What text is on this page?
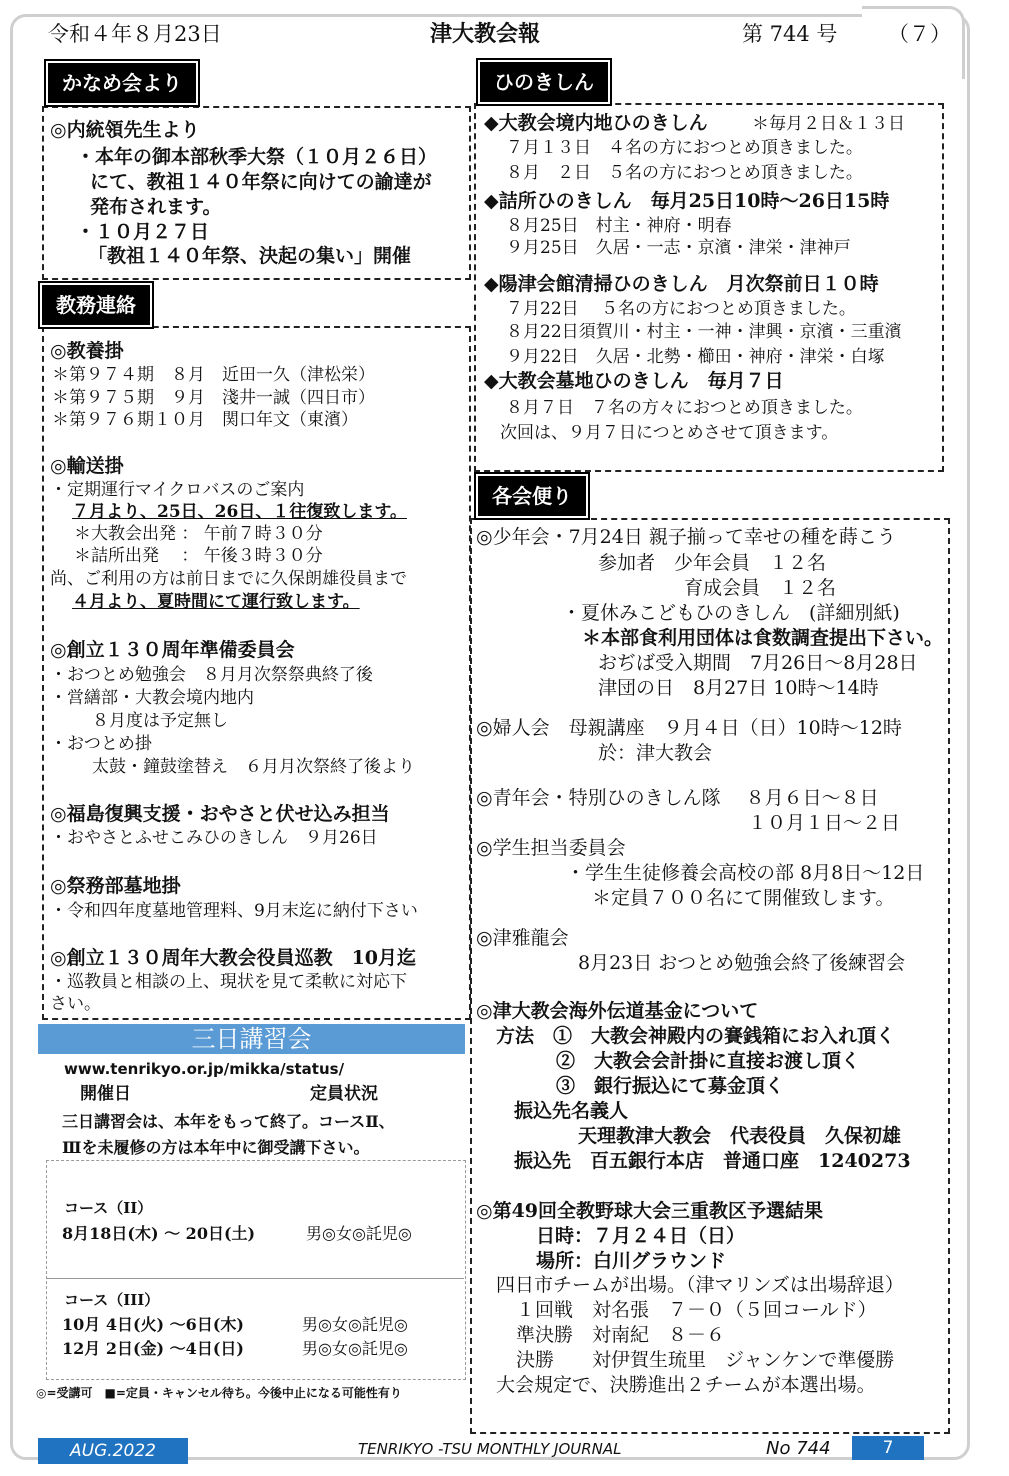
令和４年８月23日	津大教会報	第 744 号 （７）
かなめ会より
◎内統領先生より
・本年の御本部秋季大祭（１０月２６日）
にて、教祖１４０年祭に向けての諭達が
発布されます。
・１０月２７日
「教祖１４０年祭、決起の集い」開催
教務連絡
◎教養掛
＊第９７４期　８月　近田一久（津松栄）
＊第９７５期　９月　淺井一誠（四日市）
＊第９７６期１０月　関口年文（東濱）
◎輸送掛
・定期運行マイクロバスのご案内
７月より、25日、26日、１往復致します。
＊大教会出発 ： 午前７時３０分
＊詰所出発　 ： 午後３時３０分
尚、ご利用の方は前日までに久保朗雄役員まで
４月より、夏時間にて運行致します。
◎創立１３０周年準備委員会
・おつとめ勉強会　８月月次祭祭典終了後
・営繕部・大教会境内地内
８月度は予定無し
・おつとめ掛
太鼓・鐘鼓塗替え　６月月次祭終了後より
◎福島復興支援・おやさと伏せ込み担当
・おやさとふせこみひのきしん　９月26日
◎祭務部墓地掛
・令和四年度墓地管理料、9月末迄に納付下さい
◎創立１３０周年大教会役員巡教　10月迄
・巡教員と相談の上、現状を見て柔軟に対応下
さい。
三日講習会
www.tenrikyo.or.jp/mikka/status/
開催日	定員状況
三日講習会は、本年をもって終了。コースⅡ、
Ⅲを未履修の方は本年中に御受講下さい。
コース（II）
8月18日(木) ～ 20日(土)	男◎女◎託児◎
コース（III）
10月 4日(火) ～6日(木)	男◎女◎託児◎
12月 2日(金) ～4日(日)	男◎女◎託児◎
◎=受講可　■=定員・キャンセル待ち。今後中止になる可能性有り
ひのきしん
◆大教会境内地ひのきしん	＊毎月２日＆１３日
７月１３日　４名の方におつとめ頂きました。
８月　２日　５名の方におつとめ頂きました。
◆詰所ひのきしん　毎月25日10時～26日15時
８月25日　村主・神府・明春
９月25日　久居・一志・京濱・津栄・津神戸
◆陽津会館清掃ひのきしん　月次祭前日１０時
７月22日　 ５名の方におつとめ頂きました。
８月22日須賀川・村主・一神・津興・京濱・三重濱
９月22日　久居・北勢・櫛田・神府・津栄・白塚
◆大教会墓地ひのきしん　毎月７日
８月７日　７名の方々におつとめ頂きました。
次回は、９月７日につとめさせて頂きます。
各会便り
◎少年会・7月24日 親子揃って幸せの種を蒔こう
参加者　少年会員　１２名
育成会員　１２名
・夏休みこどもひのきしん　(詳細別紙)
＊本部食利用団体は食数調査提出下さい。
おぢば受入期間　7月26日～8月28日
津団の日　8月27日 10時～14時
◎婦人会　母親講座　９月４日（日）10時～12時
於：津大教会
◎青年会・特別ひのきしん隊　 ８月６日～８日
１０月１日～２日
◎学生担当委員会
・学生生徒修養会高校の部 8月8日～12日
＊定員７００名にて開催致します。
◎津雅龍会
8月23日 おつとめ勉強会終了後練習会
◎津大教会海外伝道基金について
方法　①　大教会神殿内の賽銭箱にお入れ頂く
②　大教会会計掛に直接お渡し頂く
③　銀行振込にて募金頂く
振込先名義人
天理教津大教会　代表役員　久保初雄
振込先　百五銀行本店　普通口座　1240273
◎第49回全教野球大会三重教区予選結果
日時：７月２４日（日）
場所：白川グラウンド
四日市チームが出場。（津マリンズは出場辞退）
１回戦　対名張　７－０（５回コールド）
準決勝　対南紀　８－６
決勝　　対伊賀生琉里　ジャンケンで準優勝
大会規定で、決勝進出２チームが本選出場。
AUG.2022	TENRIKYO -TSU MONTHLY JOURNAL	No 744	7
